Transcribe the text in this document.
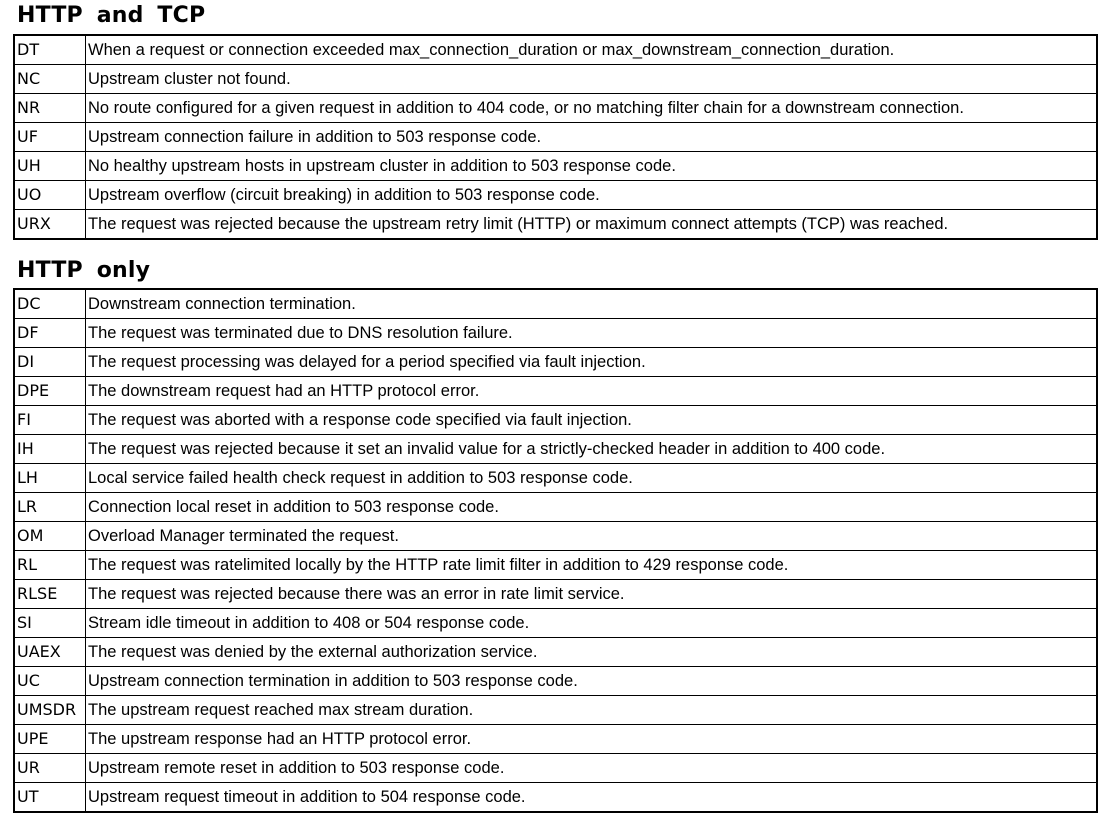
HTTP and TCP
DT	When a request or connection exceeded max_connection_duration or max_downstream_connection_duration.
NC	Upstream cluster not found.
NR	No route configured for a given request in addition to 404 code, or no matching filter chain for a downstream connection.
UF	Upstream connection failure in addition to 503 response code.
UH	No healthy upstream hosts in upstream cluster in addition to 503 response code.
UO	Upstream overflow (circuit breaking) in addition to 503 response code.
URX	The request was rejected because the upstream retry limit (HTTP) or maximum connect attempts (TCP) was reached.
HTTP only
DC	Downstream connection termination.
DF	The request was terminated due to DNS resolution failure.
DI	The request processing was delayed for a period specified via fault injection.
DPE	The downstream request had an HTTP protocol error.
FI	The request was aborted with a response code specified via fault injection.
IH	The request was rejected because it set an invalid value for a strictly-checked header in addition to 400 code.
LH	Local service failed health check request in addition to 503 response code.
LR	Connection local reset in addition to 503 response code.
OM	Overload Manager terminated the request.
RL	The request was ratelimited locally by the HTTP rate limit filter in addition to 429 response code.
RLSE	The request was rejected because there was an error in rate limit service.
SI	Stream idle timeout in addition to 408 or 504 response code.
UAEX	The request was denied by the external authorization service.
UC	Upstream connection termination in addition to 503 response code.
UMSDR	The upstream request reached max stream duration.
UPE	The upstream response had an HTTP protocol error.
UR	Upstream remote reset in addition to 503 response code.
UT	Upstream request timeout in addition to 504 response code.
